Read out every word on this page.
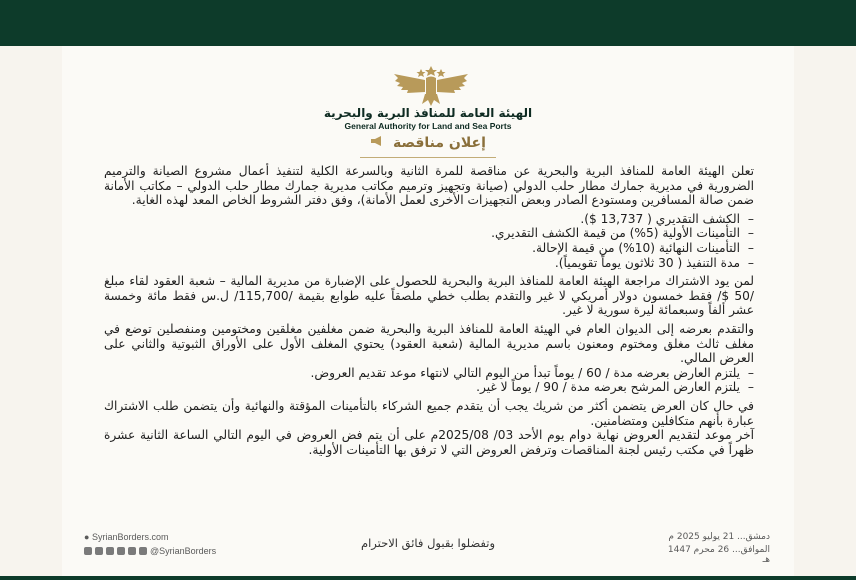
الهيئة العامة للمنافذ البرية والبحرية
General Authority for Land and Sea Ports
إعلان مناقصة

تعلن الهيئة العامة للمنافذ البرية والبحرية عن مناقصة للمرة الثانية وبالسرعة الكلية لتنفيذ أعمال مشروع الصيانة والترميم الضرورية في مديرية جمارك مطار حلب الدولي (صيانة وتجهيز وترميم مكاتب مديرية جمارك مطار حلب الدولي – مكاتب الأمانة ضمن صالة المسافرين ومستودع الصادر وبعض التجهيزات الأخرى لعمل الأمانة)، وفق دفتر الشروط الخاص المعد لهذه الغاية.

– الكشف التقديري ( 13,737 $).
– التأمينات الأولية (5%) من قيمة الكشف التقديري.
– التأمينات النهائية (10%) من قيمة الإحالة.
– مدة التنفيذ ( 30 ثلاثون يوماً تقويمياً).

لمن يود الاشتراك مراجعة الهيئة العامة للمنافذ البرية والبحرية للحصول على الإضبارة من مديرية المالية – شعبة العقود لقاء مبلغ /50 $/ فقط خمسون دولار أمريكي لا غير والتقدم بطلب خطي ملصقاً عليه طوابع بقيمة /115,700/ ل.س فقط مائة وخمسة عشر ألفاً وسبعمائة ليرة سورية لا غير.

والتقدم بعرضه إلى الديوان العام في الهيئة العامة للمنافذ البرية والبحرية ضمن مغلفين مغلقين ومختومين ومنفصلين توضع في مغلف ثالث مغلق ومختوم ومعنون باسم مديرية المالية (شعبة العقود) يحتوي المغلف الأول على الأوراق الثبوتية والثاني على العرض المالي.

– يلتزم العارض بعرضه مدة / 60 / يوماً تبدأ من اليوم التالي لانتهاء موعد تقديم العروض.
– يلتزم العارض المرشح بعرضه مدة / 90 / يوماً لا غير.

في حال كان العرض يتضمن أكثر من شريك يجب أن يتقدم جميع الشركاء بالتأمينات المؤقتة والنهائية وأن يتضمن طلب الاشتراك عبارة بأنهم متكافلين ومتضامنين.

آخر موعد لتقديم العروض نهاية دوام يوم الأحد 03/ 2025/08م على أن يتم فض العروض في اليوم التالي الساعة الثانية عشرة ظهراً في مكتب رئيس لجنة المناقصات وترفض العروض التي لا ترفق بها التأمينات الأولية.

● SyrianBorders.com
@SyrianBorders
وتفضلوا بقبول فائق الاحترام	دمشق... 21 يوليو 2025 م
الموافق... 26 محرم 1447 هـ
